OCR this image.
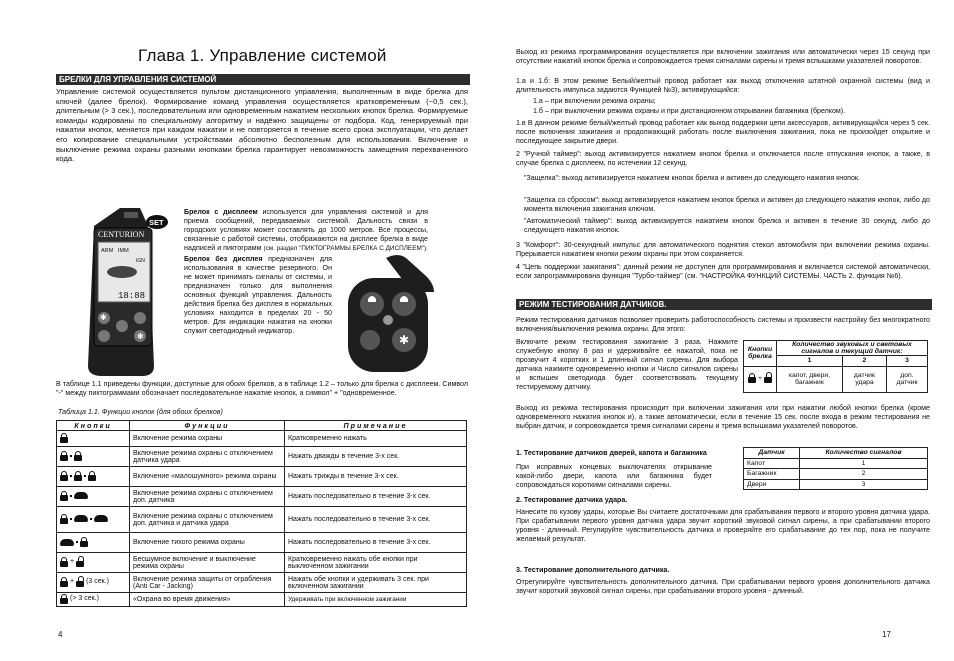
Глава 1. Управление системой
БРЕЛКИ ДЛЯ УПРАВЛЕНИЯ СИСТЕМОЙ
Управление системой осуществляется пультом дистанционного управления, выполненным в виде брелка для ключей (далее брелок). Формирование команд управления осуществляется кратковременным (~0,5 сек.), длительным (> 3 сек.), последовательным или одновременным нажатием нескольких кнопок брелка. Формируемые команды кодированы по специальному алгоритму и надёжно защищены от подбора. Код, генерируемый при нажатии кнопок, меняется при каждом нажатии и не повторяется в течение всего срока эксплуатации, что делает его копирование специальными устройствами абсолютно бесполезным для использования. Включение и выключение режима охраны разными кнопками брелка гарантирует невозможность замещения перехваченного кода.
CENTURION
ARM IMM
IGN
18:88
✱
✱
SET
Брелок с дисплеем используется для управления системой и для приема сообщений, передаваемых системой. Дальность связи в городских условиях может составлять до 1000 метров. Все процессы, связанные с работой системы, отображаются на дисплее брелка в виде надписей и пиктограмм (см. раздел "ПИКТОГРАММЫ БРЕЛКА С ДИСПЛЕЕМ").
Брелок без дисплея предназначен для использования в качестве резервного. Он не может принимать сигналы от системы, и предназначен только для выполнения основных функций управления. Дальность действия брелка без дисплея в нормальных условиях находится в пределах 20 - 50 метров. Для индикации нажатия на кнопки служит светодиодный индикатор.
✱
В таблице 1.1 приведены функции, доступные для обоих брелков, а в таблице 1.2 – только для брелка с дисплеем. Символ "-" между пиктограммами обозначает последовательное нажатие кнопок, а символ" + "одновременное.
Таблица 1.1. Функции кнопок (для обоих брелков)
Кнопки	Функции	Примечание

	Включение режима охраны	Кратковременно нажать

	Включение режима охраны с отключением датчика удара	Нажать дважды в течение 3-х сек.

	Включение «малошумного» режима охраны	Нажать трижды в течение 3-х сек.

	Включение режима охраны с отключением доп. датчика	Нажать последовательно в течение 3-х сек.

	Включение режима охраны с отключением доп. датчика и датчика удара	Нажать последовательно в течение 3-х сек.

	Включение тихого режима охраны	Нажать последовательно в течение 3-х сек.

+	Бесшумное включение и выключение режима охраны	Кратковременно нажать обе кнопки при выключенном зажигании

+ (3 сек.)	Включение режима защиты от ограбления (Anti Car - Jacking)	Нажать обе кнопки и удерживать 3 сек. при включенном зажигании

(> 3 сек.)	«Охрана во время движения»	Удерживать при включенном зажигании
4
Выход из режима программирования осуществляется при включении зажигания или автоматически через 15 секунд при отсутствии нажатий кнопок брелка и сопровождается тремя сигналами сирены и тремя вспышками указателей поворотов.
1.а и 1.б: В этом режиме Белый/желтый провод работает как выход отключения штатной охранной системы (вид и длительность импульса задаются Функцией №3), активирующийся:
1.а – при включении режима охраны;
1.б – при выключении режима охраны и при дистанционном открывании багажника (брелком).
1.в В данном режиме белый/желтый провод работает как выход поддержки цепи аксессуаров, активирующийся через 5 сек. после включения зажигания и продолжающий работать после выключения зажигания, пока не произойдет открытие и последующее закрытие двери.
2 "Ручной таймер": выход активизируется нажатием кнопок брелка и отключается после отпускания кнопок, а также, в случае брелка с дисплеем, по истечении 12 секунд.
"Защелка": выход активизируется нажатием кнопок брелка и активен до следующего нажатия кнопок.
"Защелка со сбросом": выход активизируется нажатием кнопок брелка и активен до следующего нажатия кнопок, либо до момента включения зажигания ключом.
"Автоматический таймер": выход активизируется нажатием кнопок брелка и активен в течение 30 секунд, либо до следующего нажатия кнопок.
3 "Комфорт": 30-секундный импульс для автоматического поднятия стекол автомобиля при включении режима охраны. Прерывается нажатием кнопки режим охраны при этом сохраняется.
4 "Цепь поддержки зажигания": данный режим не доступен для программирования и включается системой автоматически, если запрограммирована функция "Турбо-таймер" (см. "НАСТРОЙКА ФУНКЦИЙ СИСТЕМЫ. ЧАСТЬ 2. функция №6).
РЕЖИМ ТЕСТИРОВАНИЯ ДАТЧИКОВ.
Режим тестирования датчиков позволяет проверить работоспособность системы и произвести настройку без многократного включения/выключения режима охраны. Для этого:
Включите режим тестирования зажигание 3 раза. Нажмите служебную кнопку 8 раз и удерживайте её нажатой, пока не прозвучит 4 коротких и 1 длинный сигнал сирены. Для выбора датчика нажмите одновременно кнопки и Число сигналов сирены и вспышек светодиода будет соответствовать текущему тестируемому датчику.
Кнопки брелка	Количество звуковых и световых сигналов и текущий датчик:		
	1	2	3

+	капот, двери, багажник	датчик удара	доп. датчик
Выход из режима тестирования происходит при включении зажигания или при нажатии любой кнопки брелка (кроме одновременного нажатия кнопок и), а также автоматически, если в течение 15 сек. после входа в режим тестирования не выбран датчик, и сопровождается тремя сигналами сирены и тремя вспышками указателей поворотов.
1. Тестирование датчиков дверей, капота и багажника
При исправных концевых выключателях открывание какой-либо двери, капота или багажника будет сопровождаться короткими сигналами сирены.
Датчик	Количество сигналов
Капот	1
Багажник	2
Двери	3
2. Тестирование датчика удара.
Нанесите по кузову удары, которые Вы считаете достаточными для срабатывания первого и второго уровня датчика удара. При срабатывании первого уровня датчика удара звучит короткий звуковой сигнал сирены, а при срабатывании второго уровня - длинный. Регулируйте чувствительность датчика и проверяйте его срабатывание до тех пор, пока не получите желаемый результат.
3. Тестирование дополнительного датчика.
Отрегулируйте чувствительность дополнительного датчика. При срабатывании первого уровня дополнительного датчика звучит короткий звуковой сигнал сирены, при срабатывании второго уровня - длинный.
17
